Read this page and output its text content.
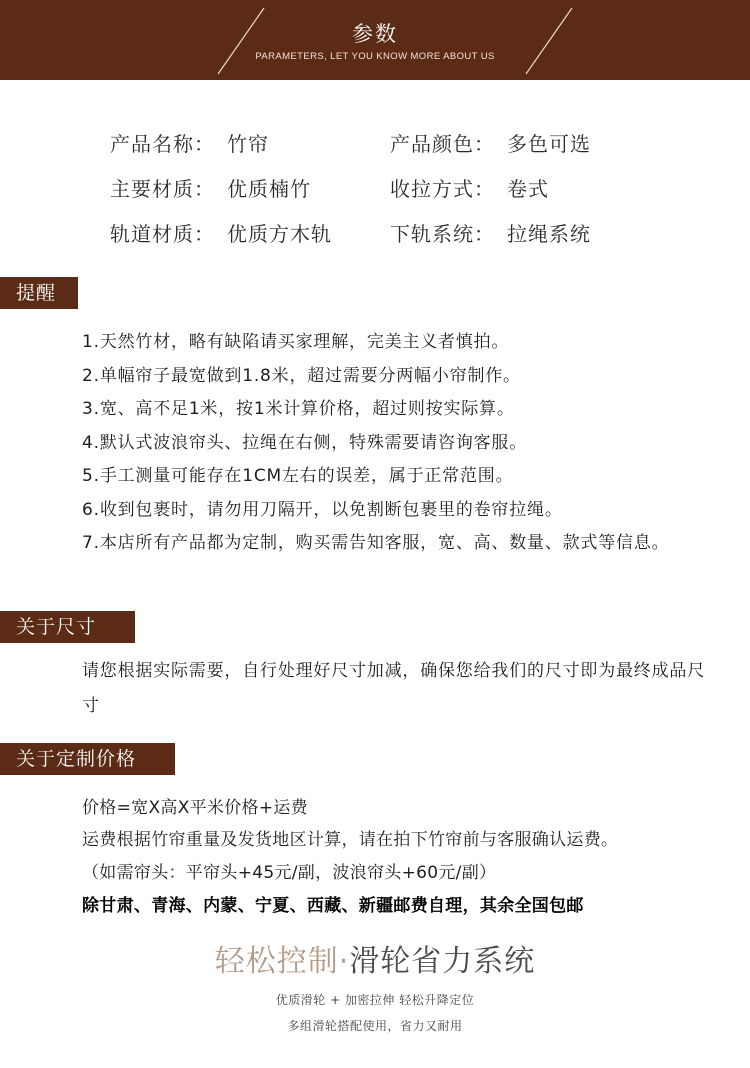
参数
PARAMETERS, LET YOU KNOW MORE ABOUT US
产品名称： 竹帘	产品颜色： 多色可选
主要材质： 优质楠竹	收拉方式： 卷式
轨道材质： 优质方木轨	下轨系统： 拉绳系统
提醒
1.天然竹材，略有缺陷请买家理解，完美主义者慎拍。
2.单幅帘子最宽做到1.8米，超过需要分两幅小帘制作。
3.宽、高不足1米，按1米计算价格，超过则按实际算。
4.默认式波浪帘头、拉绳在右侧，特殊需要请咨询客服。
5.手工测量可能存在1CM左右的误差，属于正常范围。
6.收到包裹时，请勿用刀隔开，以免割断包裹里的卷帘拉绳。
7.本店所有产品都为定制，购买需告知客服，宽、高、数量、款式等信息。
关于尺寸
请您根据实际需要，自行处理好尺寸加减，确保您给我们的尺寸即为最终成品尺寸
关于定制价格
价格=宽X高X平米价格+运费
运费根据竹帘重量及发货地区计算，请在拍下竹帘前与客服确认运费。
（如需帘头：平帘头+45元/副，波浪帘头+60元/副）
除甘肃、青海、内蒙、宁夏、西藏、新疆邮费自理，其余全国包邮
轻松控制·滑轮省力系统
优质滑轮 + 加密拉伸 轻松升降定位
多组滑轮搭配使用，省力又耐用
